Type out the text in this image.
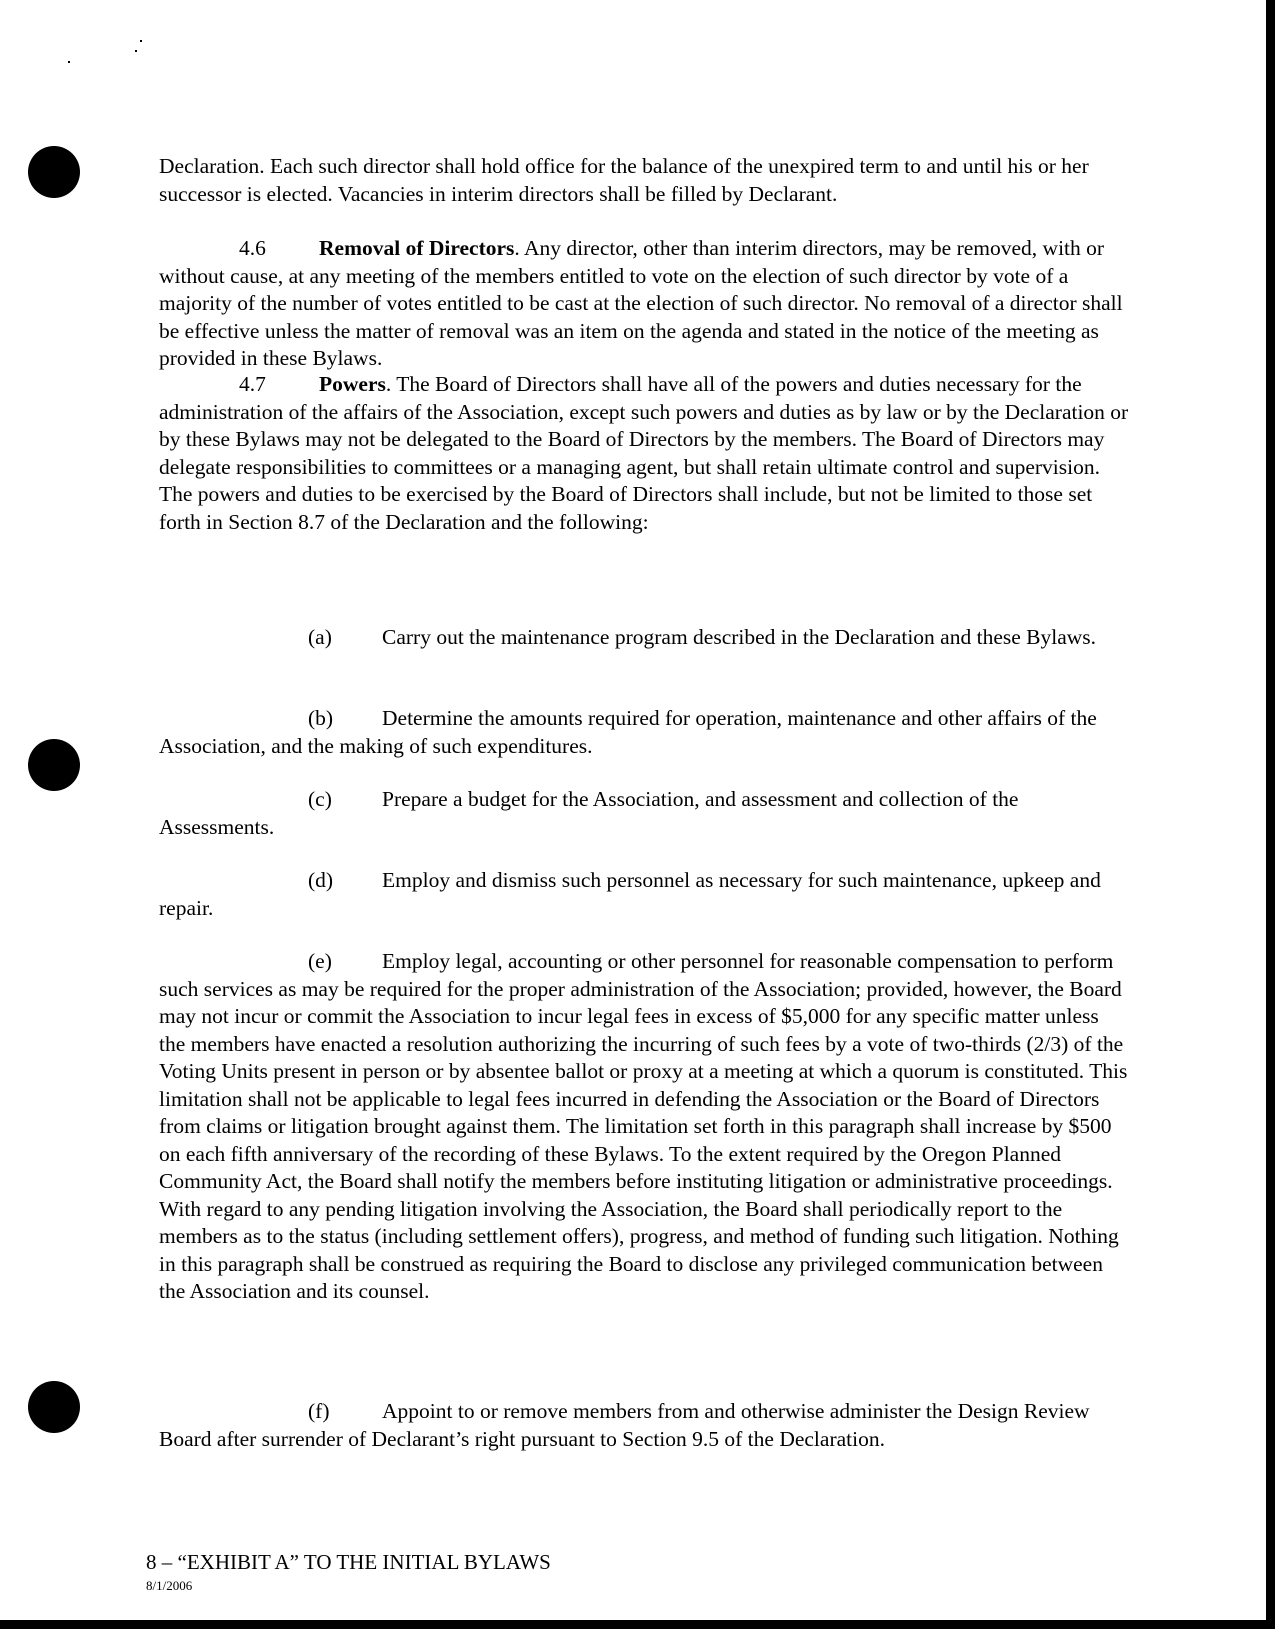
Declaration. Each such director shall hold office for the balance of the unexpired term to and until his or her successor is elected. Vacancies in interim directors shall be filled by Declarant.

4.6 Removal of Directors. Any director, other than interim directors, may be removed, with or without cause, at any meeting of the members entitled to vote on the election of such director by vote of a majority of the number of votes entitled to be cast at the election of such director. No removal of a director shall be effective unless the matter of removal was an item on the agenda and stated in the notice of the meeting as provided in these Bylaws.

4.7 Powers. The Board of Directors shall have all of the powers and duties necessary for the administration of the affairs of the Association, except such powers and duties as by law or by the Declaration or by these Bylaws may not be delegated to the Board of Directors by the members. The Board of Directors may delegate responsibilities to committees or a managing agent, but shall retain ultimate control and supervision. The powers and duties to be exercised by the Board of Directors shall include, but not be limited to those set forth in Section 8.7 of the Declaration and the following:

(a) Carry out the maintenance program described in the Declaration and these Bylaws.

(b) Determine the amounts required for operation, maintenance and other affairs of the Association, and the making of such expenditures.

(c) Prepare a budget for the Association, and assessment and collection of the Assessments.

(d) Employ and dismiss such personnel as necessary for such maintenance, upkeep and repair.

(e) Employ legal, accounting or other personnel for reasonable compensation to perform such services as may be required for the proper administration of the Association; provided, however, the Board may not incur or commit the Association to incur legal fees in excess of $5,000 for any specific matter unless the members have enacted a resolution authorizing the incurring of such fees by a vote of two-thirds (2/3) of the Voting Units present in person or by absentee ballot or proxy at a meeting at which a quorum is constituted. This limitation shall not be applicable to legal fees incurred in defending the Association or the Board of Directors from claims or litigation brought against them. The limitation set forth in this paragraph shall increase by $500 on each fifth anniversary of the recording of these Bylaws. To the extent required by the Oregon Planned Community Act, the Board shall notify the members before instituting litigation or administrative proceedings. With regard to any pending litigation involving the Association, the Board shall periodically report to the members as to the status (including settlement offers), progress, and method of funding such litigation. Nothing in this paragraph shall be construed as requiring the Board to disclose any privileged communication between the Association and its counsel.

(f) Appoint to or remove members from and otherwise administer the Design Review Board after surrender of Declarant’s right pursuant to Section 9.5 of the Declaration.

8 – “EXHIBIT A” TO THE INITIAL BYLAWS

8/1/2006
